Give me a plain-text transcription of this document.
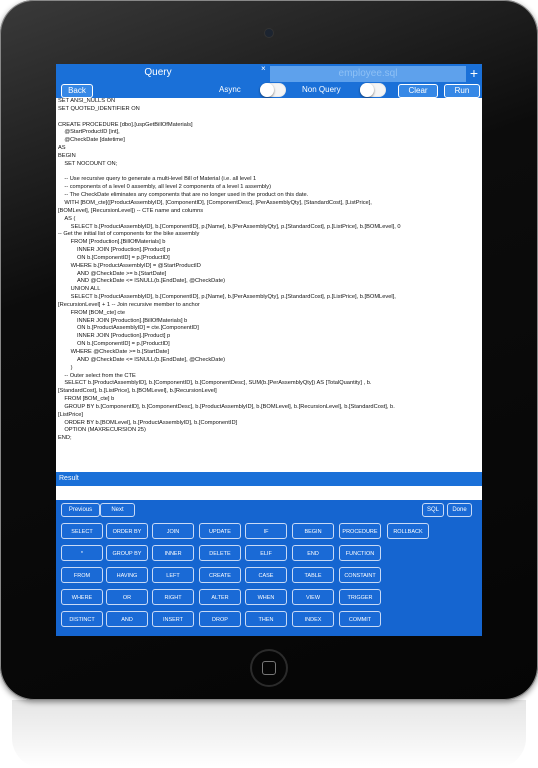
Query	×	employee.sql	+
Back	Async	Non Query	Clear	Run
SET ANSI_NULLS ON
SET QUOTED_IDENTIFIER ON

CREATE PROCEDURE [dbo].[uspGetBillOfMaterials]
@StartProductID [int],
@CheckDate [datetime]
AS
BEGIN
SET NOCOUNT ON;

-- Use recursive query to generate a multi-level Bill of Material (i.e. all level 1
-- components of a level 0 assembly, all level 2 components of a level 1 assembly)
-- The CheckDate eliminates any components that are no longer used in the product on this date.
WITH [BOM_cte]([ProductAssemblyID], [ComponentID], [ComponentDesc], [PerAssemblyQty], [StandardCost], [ListPrice],
[BOMLevel], [RecursionLevel]) -- CTE name and columns
AS (
SELECT b.[ProductAssemblyID], b.[ComponentID], p.[Name], b.[PerAssemblyQty], p.[StandardCost], p.[ListPrice], b.[BOMLevel], 0
-- Get the initial list of components for the bike assembly
FROM [Production].[BillOfMaterials] b
INNER JOIN [Production].[Product] p
ON b.[ComponentID] = p.[ProductID]
WHERE b.[ProductAssemblyID] = @StartProductID
AND @CheckDate >= b.[StartDate]
AND @CheckDate <= ISNULL(b.[EndDate], @CheckDate)
UNION ALL
SELECT b.[ProductAssemblyID], b.[ComponentID], p.[Name], b.[PerAssemblyQty], p.[StandardCost], p.[ListPrice], b.[BOMLevel],
[RecursionLevel] + 1 -- Join recursive member to anchor
FROM [BOM_cte] cte
INNER JOIN [Production].[BillOfMaterials] b
ON b.[ProductAssemblyID] = cte.[ComponentID]
INNER JOIN [Production].[Product] p
ON b.[ComponentID] = p.[ProductID]
WHERE @CheckDate >= b.[StartDate]
AND @CheckDate <= ISNULL(b.[EndDate], @CheckDate)
)
-- Outer select from the CTE
SELECT b.[ProductAssemblyID], b.[ComponentID], b.[ComponentDesc], SUM(b.[PerAssemblyQty]) AS [TotalQuantity] , b.
[StandardCost], b.[ListPrice], b.[BOMLevel], b.[RecursionLevel]
FROM [BOM_cte] b
GROUP BY b.[ComponentID], b.[ComponentDesc], b.[ProductAssemblyID], b.[BOMLevel], b.[RecursionLevel], b.[StandardCost], b.
[ListPrice]
ORDER BY b.[BOMLevel], b.[ProductAssemblyID], b.[ComponentID]
OPTION (MAXRECURSION 25)
END;
Result
Previous	Next	SQL	Done
SELECT	ORDER BY	JOIN	UPDATE	IF	BEGIN	PROCEDURE	ROLLBACK
*	GROUP BY	INNER	DELETE	ELIF	END	FUNCTION
FROM	HAVING	LEFT	CREATE	CASE	TABLE	CONSTAINT
WHERE	OR	RIGHT	ALTER	WHEN	VIEW	TRIGGER
DISTINCT	AND	INSERT	DROP	THEN	INDEX	COMMIT
